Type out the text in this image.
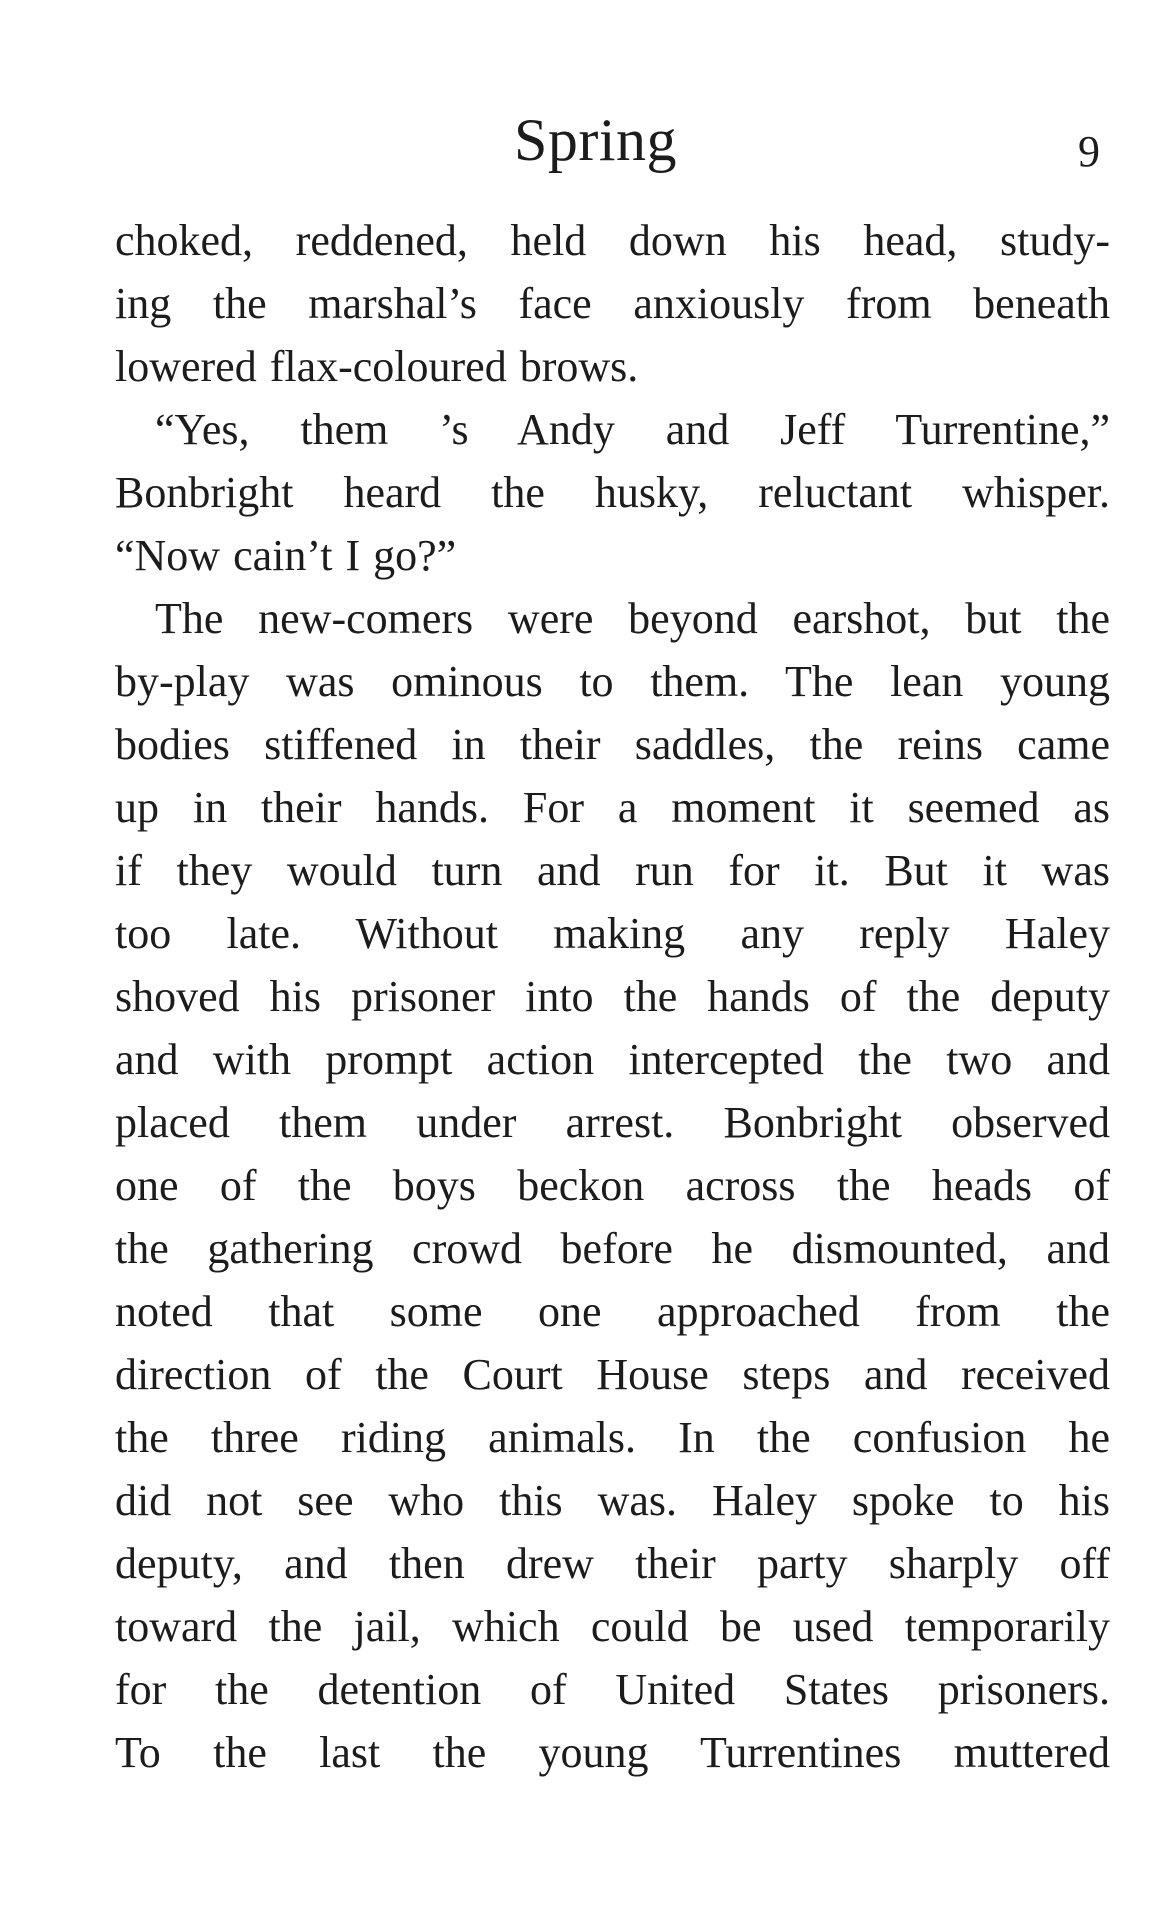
Spring	9
choked, reddened, held down his head, study-
ing the marshal’s face anxiously from beneath
lowered flax-coloured brows.
“Yes, them ’s Andy and Jeff Turrentine,”
Bonbright heard the husky, reluctant whisper.
“Now cain’t I go?”
The new-comers were beyond earshot, but the
by-play was ominous to them. The lean young
bodies stiffened in their saddles, the reins came
up in their hands. For a moment it seemed as
if they would turn and run for it. But it was
too late. Without making any reply Haley
shoved his prisoner into the hands of the deputy
and with prompt action intercepted the two and
placed them under arrest. Bonbright observed
one of the boys beckon across the heads of
the gathering crowd before he dismounted, and
noted that some one approached from the
direction of the Court House steps and received
the three riding animals. In the confusion he
did not see who this was. Haley spoke to his
deputy, and then drew their party sharply off
toward the jail, which could be used temporarily
for the detention of United States prisoners.
To the last the young Turrentines muttered
